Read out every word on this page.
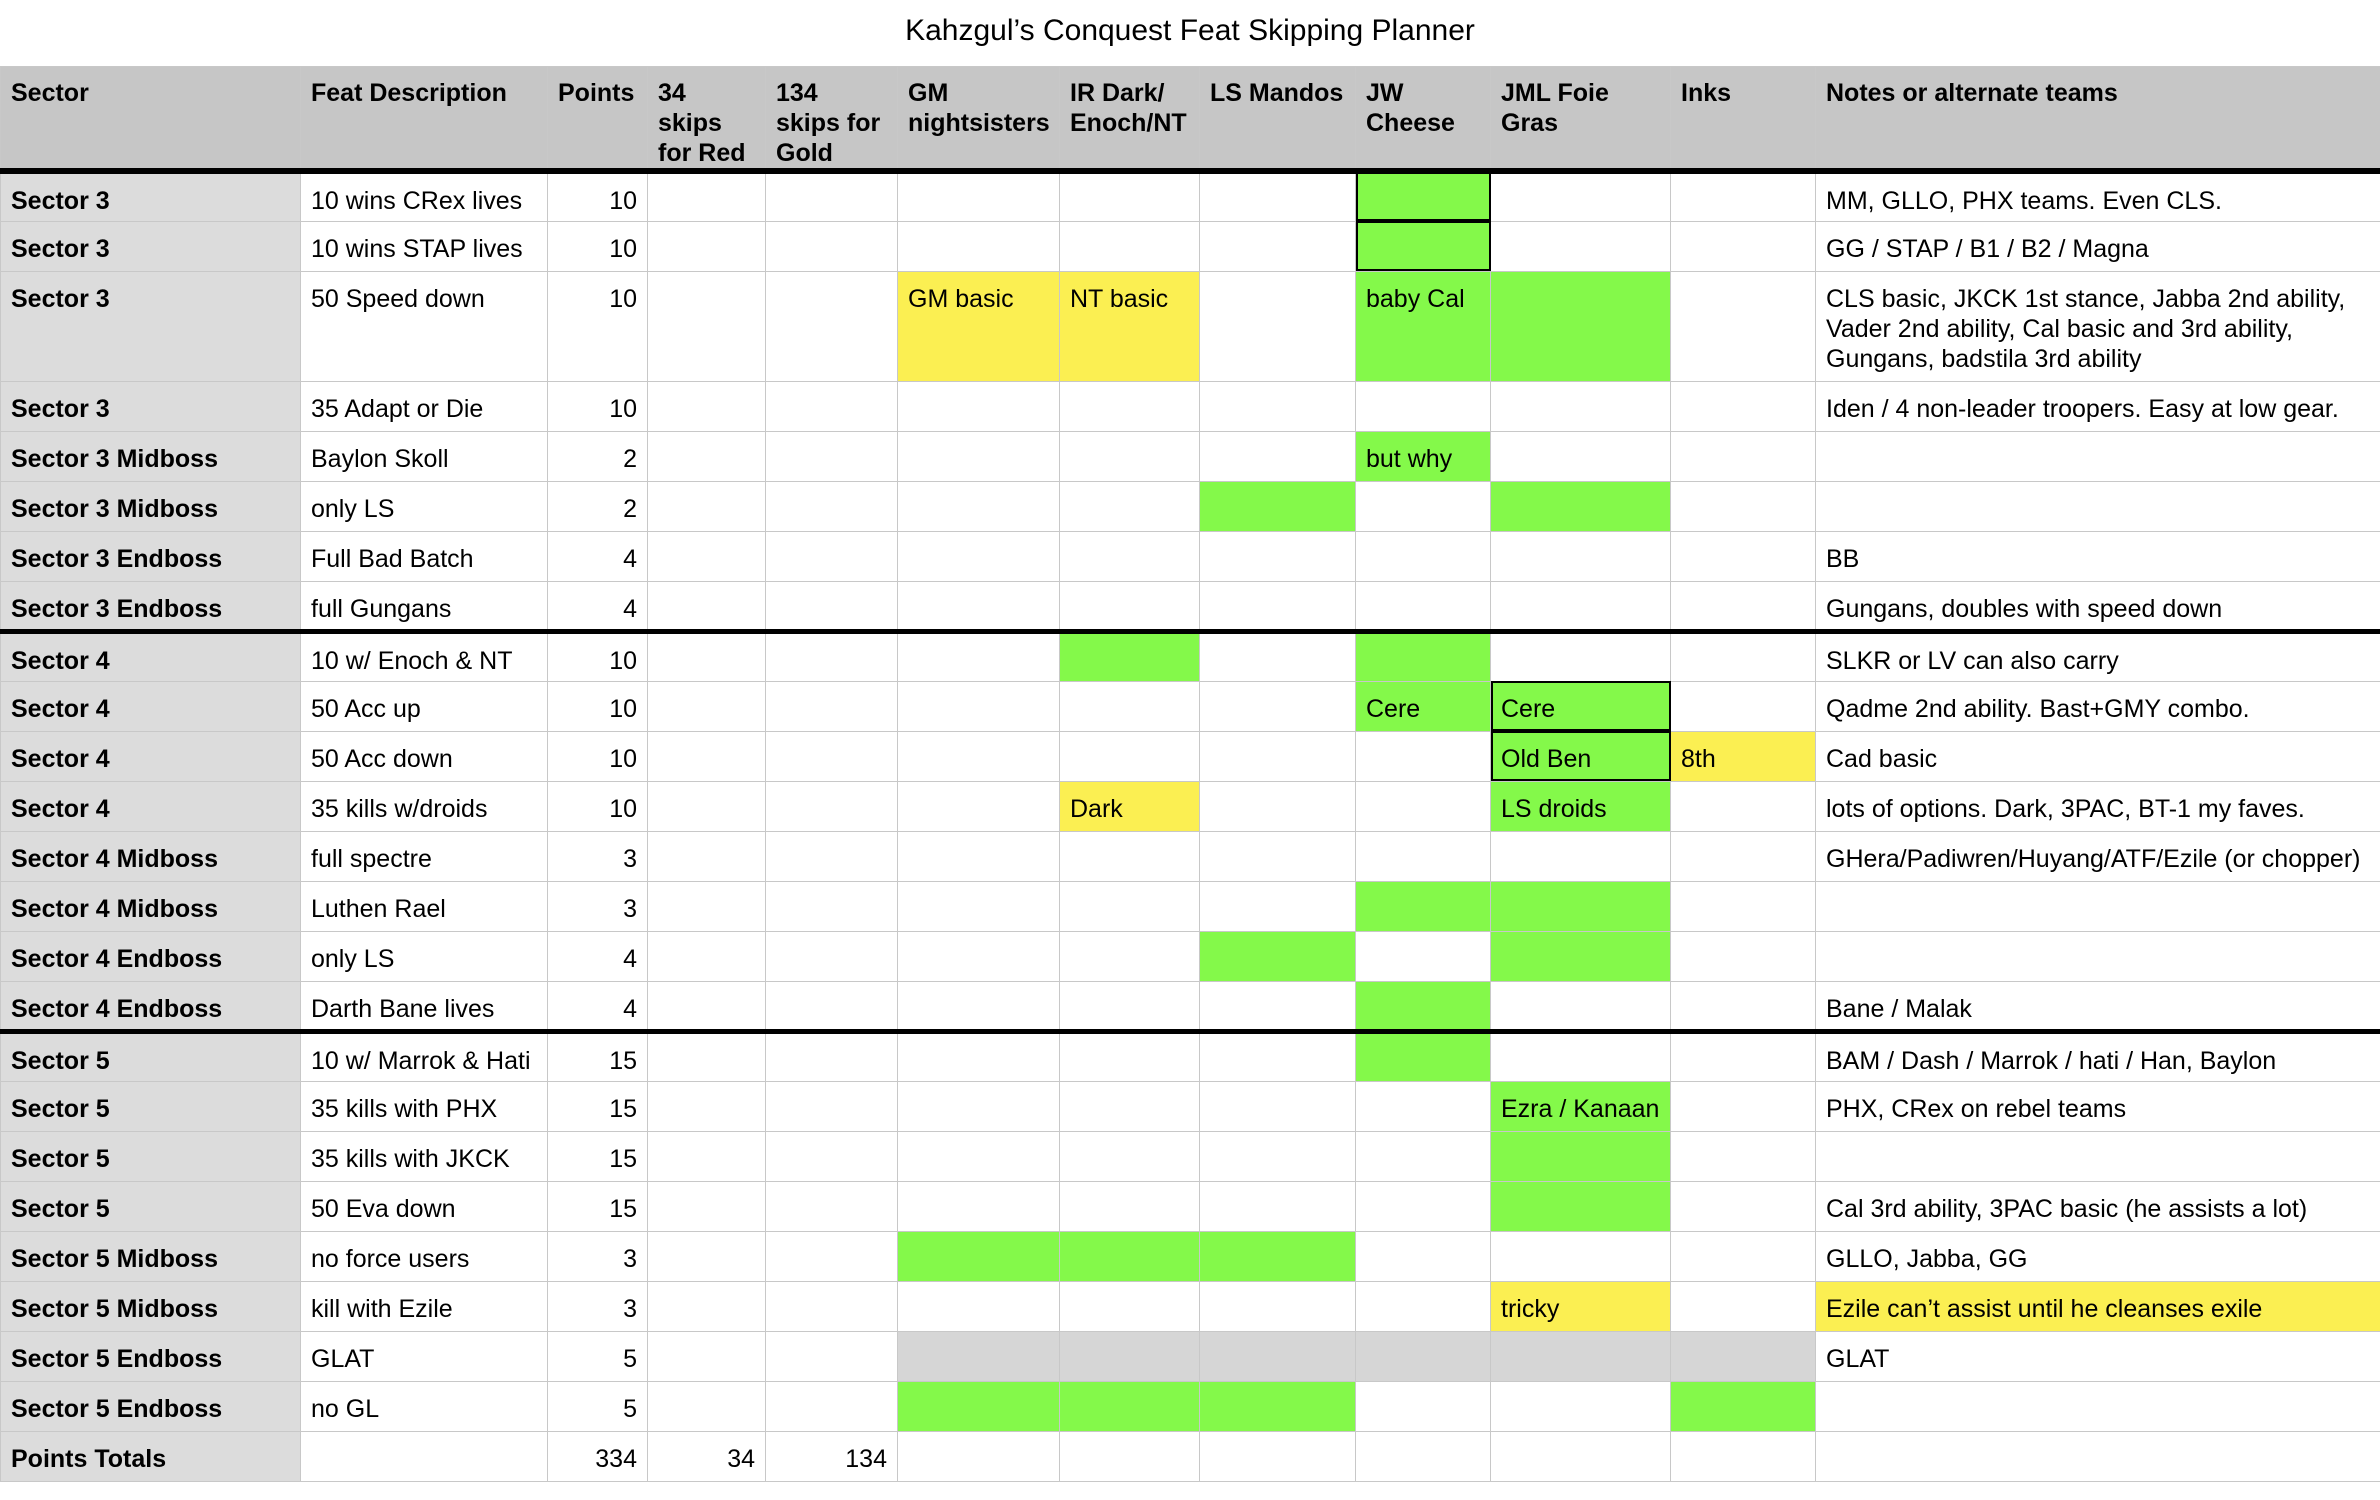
Kahzgul’s Conquest Feat Skipping Planner
Sector	Feat Description	Points	34 skips for Red	134 skips for Gold	GM nightsisters	IR Dark/ Enoch/NT	LS Mandos	JW Cheese	JML Foie Gras	Inks	Notes or alternate teams
Sector 3	10 wins CRex lives	10									MM, GLLO, PHX teams. Even CLS.
Sector 3	10 wins STAP lives	10									GG / STAP / B1 / B2 / Magna
Sector 3	50 Speed down	10			GM basic	NT basic		baby Cal			CLS basic, JKCK 1st stance, Jabba 2nd ability, Vader 2nd ability, Cal basic and 3rd ability, Gungans, badstila 3rd ability
Sector 3	35 Adapt or Die	10									Iden / 4 non-leader troopers. Easy at low gear.
Sector 3 Midboss	Baylon Skoll	2						but why			
Sector 3 Midboss	only LS	2									
Sector 3 Endboss	Full Bad Batch	4									BB
Sector 3 Endboss	full Gungans	4									Gungans, doubles with speed down
Sector 4	10 w/ Enoch & NT	10									SLKR or LV can also carry
Sector 4	50 Acc up	10						Cere	Cere		Qadme 2nd ability. Bast+GMY combo.
Sector 4	50 Acc down	10							Old Ben	8th	Cad basic
Sector 4	35 kills w/droids	10				Dark			LS droids		lots of options. Dark, 3PAC, BT-1 my faves.
Sector 4 Midboss	full spectre	3									GHera/Padiwren/Huyang/ATF/Ezile (or chopper)
Sector 4 Midboss	Luthen Rael	3									
Sector 4 Endboss	only LS	4									
Sector 4 Endboss	Darth Bane lives	4									Bane / Malak
Sector 5	10 w/ Marrok & Hati	15									BAM / Dash / Marrok / hati / Han, Baylon
Sector 5	35 kills with PHX	15							Ezra / Kanaan		PHX, CRex on rebel teams
Sector 5	35 kills with JKCK	15									
Sector 5	50 Eva down	15									Cal 3rd ability, 3PAC basic (he assists a lot)
Sector 5 Midboss	no force users	3									GLLO, Jabba, GG
Sector 5 Midboss	kill with Ezile	3							tricky		Ezile can’t assist until he cleanses exile
Sector 5 Endboss	GLAT	5									GLAT
Sector 5 Endboss	no GL	5									
Points Totals		334	34	134							
